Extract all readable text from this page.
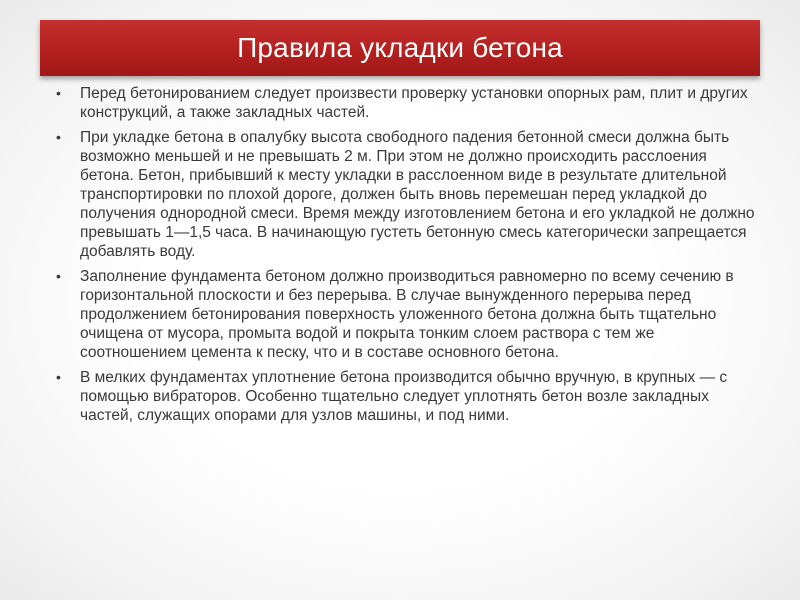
Правила укладки бетона
• Перед бетонированием следует произвести проверку установки опорных рам, плит и других конструкций, а также закладных частей.
• При укладке бетона в опалубку высота свободного падения бетонной смеси должна быть возможно меньшей и не превышать 2 м. При этом не должно происходить расслоения бетона. Бетон, прибывший к месту укладки в расслоенном виде в результате длительной транспортировки по плохой дороге, должен быть вновь перемешан перед укладкой до получения однородной смеси. Время между изготовлением бетона и его укладкой не должно превышать 1—1,5 часа. В начинающую густеть бетонную смесь категорически запрещается добавлять воду.
• Заполнение фундамента бетоном должно производиться равномерно по всему сечению в горизонтальной плоскости и без перерыва. В случае вынужденного перерыва перед продолжением бетонирования поверхность уложенного бетона должна быть тщательно очищена от мусора, промыта водой и покрыта тонким слоем раствора с тем же соотношением цемента к песку, что и в составе основного бетона.
• В мелких фундаментах уплотнение бетона производится обычно вручную, в крупных — с помощью вибраторов. Особенно тщательно следует уплотнять бетон возле закладных частей, служащих опорами для узлов машины, и под ними.
